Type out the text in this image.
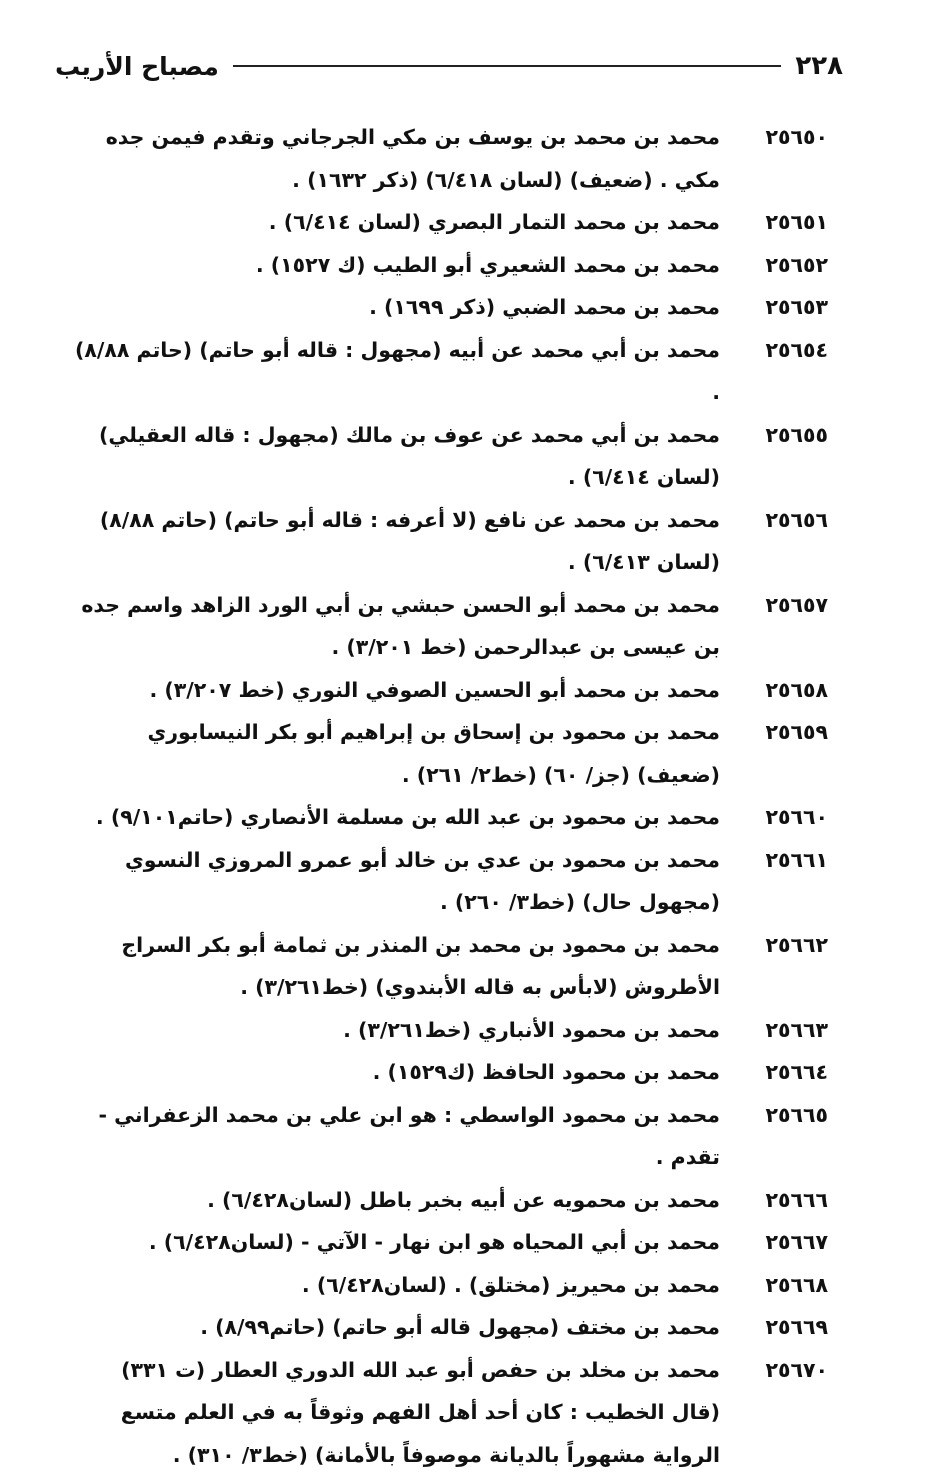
٢٢٨
مصباح الأريب
٢٥٦٥٠
محمد بن محمد بن يوسف بن مكي الجرجاني وتقدم فيمن جده مكي . (ضعيف) (لسان ٦/٤١٨) (ذكر ١٦٣٢) .
٢٥٦٥١
محمد بن محمد التمار البصري (لسان ٦/٤١٤) .
٢٥٦٥٢
محمد بن محمد الشعيري أبو الطيب (ك ١٥٢٧) .
٢٥٦٥٣
محمد بن محمد الضبي (ذكر ١٦٩٩) .
٢٥٦٥٤
محمد بن أبي محمد عن أبيه (مجهول : قاله أبو حاتم) (حاتم ٨/٨٨) .
٢٥٦٥٥
محمد بن أبي محمد عن عوف بن مالك (مجهول : قاله العقيلي) (لسان ٦/٤١٤) .
٢٥٦٥٦
محمد بن محمد عن نافع (لا أعرفه : قاله أبو حاتم) (حاتم ٨/٨٨) (لسان ٦/٤١٣) .
٢٥٦٥٧
محمد بن محمد أبو الحسن حبشي بن أبي الورد الزاهد واسم جده بن عيسى بن عبدالرحمن (خط ٣/٢٠١) .
٢٥٦٥٨
محمد بن محمد أبو الحسين الصوفي النوري (خط ٣/٢٠٧) .
٢٥٦٥٩
محمد بن محمود بن إسحاق بن إبراهيم أبو بكر النيسابوري (ضعيف) (جز/ ٦٠) (خط٢/ ٢٦١) .
٢٥٦٦٠
محمد بن محمود بن عبد الله بن مسلمة الأنصاري (حاتم٩/١٠١) .
٢٥٦٦١
محمد بن محمود بن عدي بن خالد أبو عمرو المروزي النسوي (مجهول حال) (خط٣/ ٢٦٠) .
٢٥٦٦٢
محمد بن محمود بن محمد بن المنذر بن ثمامة أبو بكر السراج الأطروش (لابأس به قاله الأبندوي) (خط٣/٢٦١) .
٢٥٦٦٣
محمد بن محمود الأنباري (خط٣/٢٦١) .
٢٥٦٦٤
محمد بن محمود الحافظ (ك١٥٢٩) .
٢٥٦٦٥
محمد بن محمود الواسطي : هو ابن علي بن محمد الزعفراني - تقدم .
٢٥٦٦٦
محمد بن محمويه عن أبيه بخبر باطل (لسان٦/٤٢٨) .
٢٥٦٦٧
محمد بن أبي المحياه هو ابن نهار - الآتي - (لسان٦/٤٢٨) .
٢٥٦٦٨
محمد بن محيريز (مختلق) . (لسان٦/٤٢٨) .
٢٥٦٦٩
محمد بن مختف (مجهول قاله أبو حاتم) (حاتم٨/٩٩) .
٢٥٦٧٠
محمد بن مخلد بن حفص أبو عبد الله الدوري العطار (ت ٣٣١) (قال الخطيب : كان أحد أهل الفهم وثوقاً به في العلم متسع الرواية مشهوراً بالديانة موصوفاً بالأمانة) (خط٣/ ٣١٠) .
